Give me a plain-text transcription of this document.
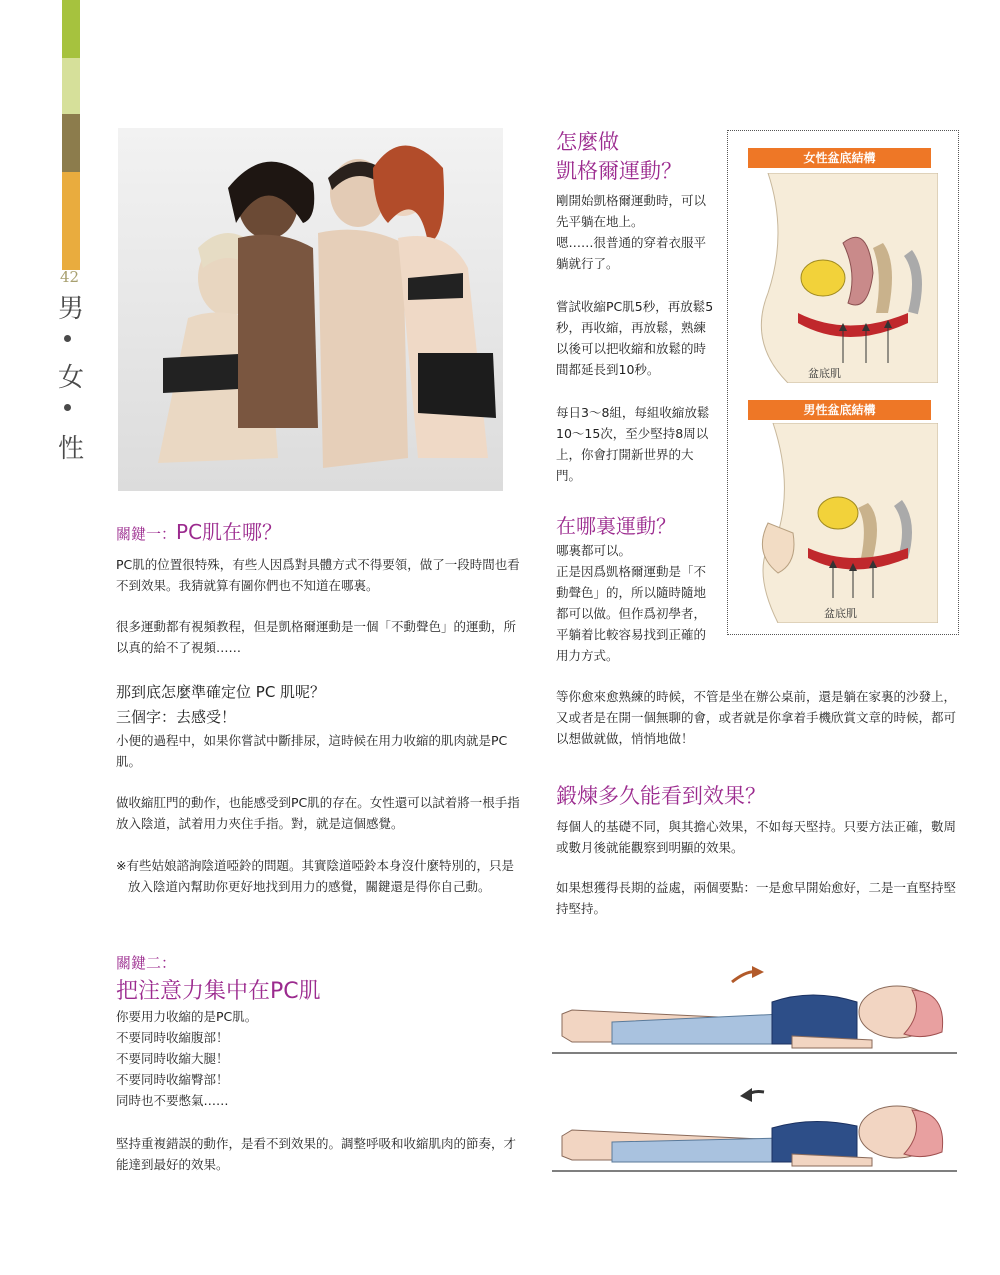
42
男
女
性
關鍵一：PC肌在哪？

PC肌的位置很特殊，有些人因爲對具體方式不得要領，做了一段時間也看不到效果。我猜就算有圖你們也不知道在哪裏。

很多運動都有視頻教程，但是凱格爾運動是一個「不動聲色」的運動，所以真的給不了視頻……

那到底怎麼準確定位 PC 肌呢？

三個字：去感受！

小便的過程中，如果你嘗試中斷排尿，這時候在用力收縮的肌肉就是PC肌。

做收縮肛門的動作，也能感受到PC肌的存在。女性還可以試着將一根手指放入陰道，試着用力夾住手指。對，就是這個感覺。

※有些姑娘諮詢陰道啞鈴的問題。其實陰道啞鈴本身沒什麼特別的，只是放入陰道內幫助你更好地找到用力的感覺，關鍵還是得你自己動。

關鍵二：
把注意力集中在PC肌

你要用力收縮的是PC肌。

不要同時收縮腹部！

不要同時收縮大腿！

不要同時收縮臀部！

同時也不要憋氣……

堅持重複錯誤的動作，是看不到效果的。調整呼吸和收縮肌肉的節奏，才能達到最好的效果。

怎麼做
凱格爾運動？

剛開始凱格爾運動時，可以先平躺在地上。

嗯……很普通的穿着衣服平躺就行了。

嘗試收縮PC肌5秒，再放鬆5秒，再收縮，再放鬆，熟練以後可以把收縮和放鬆的時間都延長到10秒。

每日3～8組，每組收縮放鬆10～15次，至少堅持8周以上，你會打開新世界的大門。

在哪裏運動？

哪裏都可以。

正是因爲凱格爾運動是「不動聲色」的，所以隨時隨地都可以做。但作爲初學者，平躺着比較容易找到正確的用力方式。

女性盆底結構
盆底肌
男性盆底結構
盆底肌

等你愈來愈熟練的時候，不管是坐在辦公桌前，還是躺在家裏的沙發上，又或者是在開一個無聊的會，或者就是你拿着手機欣賞文章的時候，都可以想做就做，悄悄地做！

鍛煉多久能看到效果？

每個人的基礎不同，與其擔心效果，不如每天堅持。只要方法正確，數周或數月後就能觀察到明顯的效果。

如果想獲得長期的益處，兩個要點：一是愈早開始愈好，二是一直堅持堅持堅持。
